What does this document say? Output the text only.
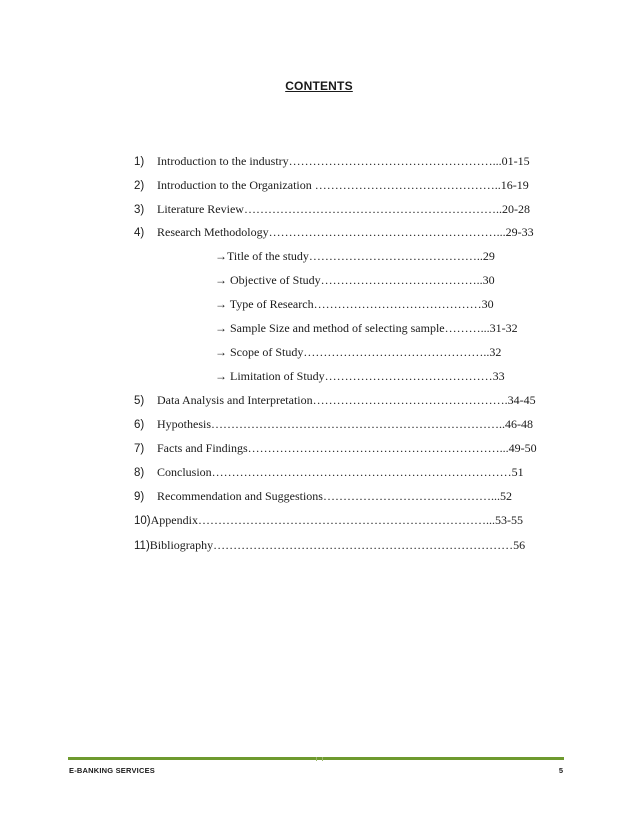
CONTENTS
1) Introduction to the industry……………………………………………...01-15
2) Introduction to the Organization ………………………………………..16-19
3) Literature Review………………………………………………………..20-28
4) Research Methodology…………………………………………………...29-33
→Title of the study……………………………………..29
→ Objective of Study…………………………………..30
→ Type of Research……………………………………30
→ Sample Size and method of selecting sample………...31-32
→ Scope of Study………………………………………..32
→ Limitation of Study……………………………………33
5) Data Analysis and Interpretation………………………………………….34-45
6) Hypothesis………………………………………………………………..46-48
7) Facts and Findings………………………………………………………...49-50
8) Conclusion…………………………………………………………………51
9) Recommendation and Suggestions……………………………………...52
10)Appendix………………………………………………………………...53-55
11)Bibliography…………………………………………………………………56
E-BANKING SERVICES	5
